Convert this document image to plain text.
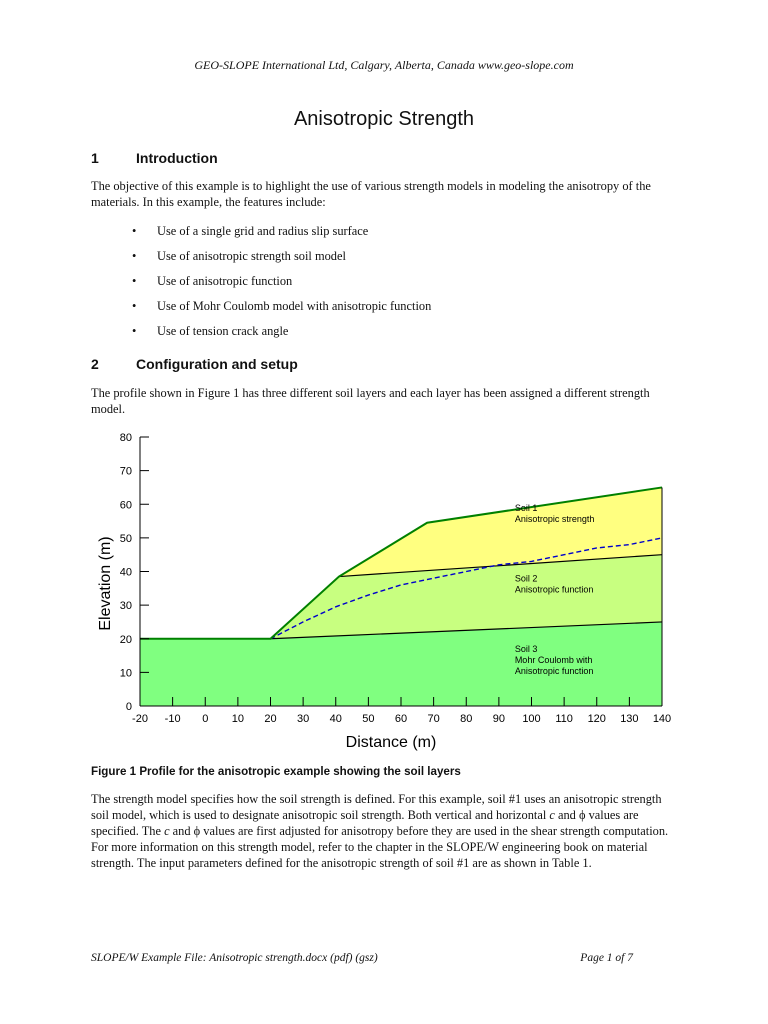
GEO-SLOPE International Ltd, Calgary, Alberta, Canada www.geo-slope.com
Anisotropic Strength
1	Introduction
The objective of this example is to highlight the use of various strength models in modeling the anisotropy of the materials. In this example, the features include:
• Use of a single grid and radius slip surface
• Use of anisotropic strength soil model
• Use of anisotropic function
• Use of Mohr Coulomb model with anisotropic function
• Use of tension crack angle
2	Configuration and setup
The profile shown in Figure 1 has three different soil layers and each layer has been assigned a different strength model.
0
10
20
30
40
50
60
70
80
-20 -10 0 10 20 30 40 50 60 70 80 90 100 110 120 130 140
Distance (m)
Elevation (m)
Soil 3
Mohr Coulomb with
Anisotropic function
Soil 2
Anisotropic function
Soil 1
Anisotropic strength
Figure 1 Profile for the anisotropic example showing the soil layers
The strength model specifies how the soil strength is defined. For this example, soil #1 uses an anisotropic strength soil model, which is used to designate anisotropic soil strength. Both vertical and horizontal c and ϕ values are specified. The c and ϕ values are first adjusted for anisotropy before they are used in the shear strength computation. For more information on this strength model, refer to the chapter in the SLOPE/W engineering book on material strength. The input parameters defined for the anisotropic strength of soil #1 are as shown in Table 1.
SLOPE/W Example File: Anisotropic strength.docx (pdf) (gsz)	Page 1 of 7
